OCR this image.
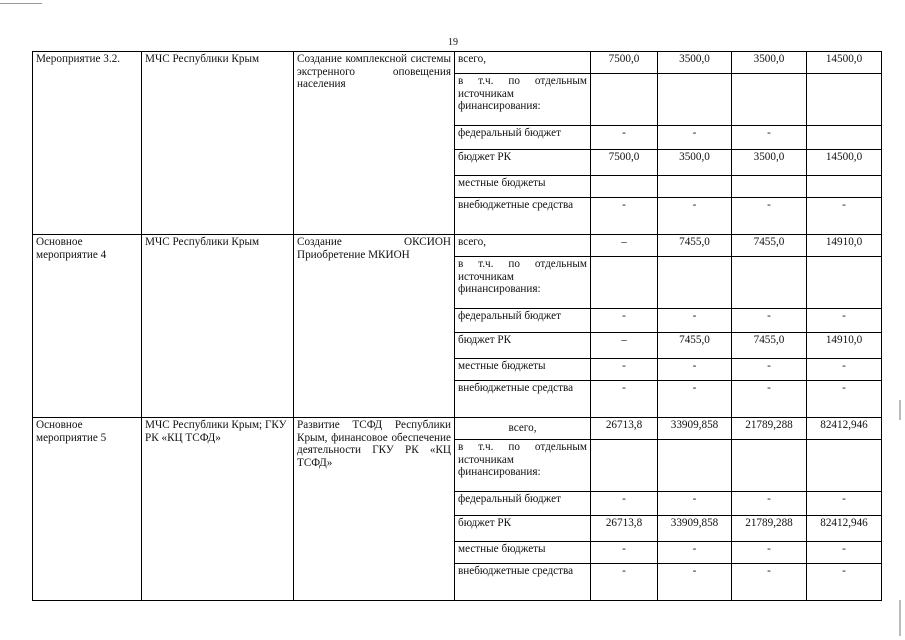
19
Мероприятие 3.2.	МЧС Республики Крым	Создание комплексной системы экстренного оповещения населения	всего,	7500,0	3500,0	3500,0	14500,0
			в т.ч. по отдельным источникам финансирования:				
			федеральный бюджет	-	-	-	
			бюджет РК	7500,0	3500,0	3500,0	14500,0
			местные бюджеты				
			внебюджетные средства	-	-	-	-
Основное мероприятие 4	МЧС Республики Крым	Создание ОКСИОН Приобретение МКИОН	всего,	–	7455,0	7455,0	14910,0
			в т.ч. по отдельным источникам финансирования:				
			федеральный бюджет	-	-	-	-
			бюджет РК	–	7455,0	7455,0	14910,0
			местные бюджеты	-	-	-	-
			внебюджетные средства	-	-	-	-
Основное мероприятие 5	МЧС Республики Крым; ГКУ РК «КЦ ТСФД»	Развитие ТСФД Республики Крым, финансовое обеспечение деятельности ГКУ РК «КЦ ТСФД»	всего,	26713,8	33909,858	21789,288	82412,946
			в т.ч. по отдельным источникам финансирования:				
			федеральный бюджет	-	-	-	-
			бюджет РК	26713,8	33909,858	21789,288	82412,946
			местные бюджеты	-	-	-	-
			внебюджетные средства	-	-	-	-
